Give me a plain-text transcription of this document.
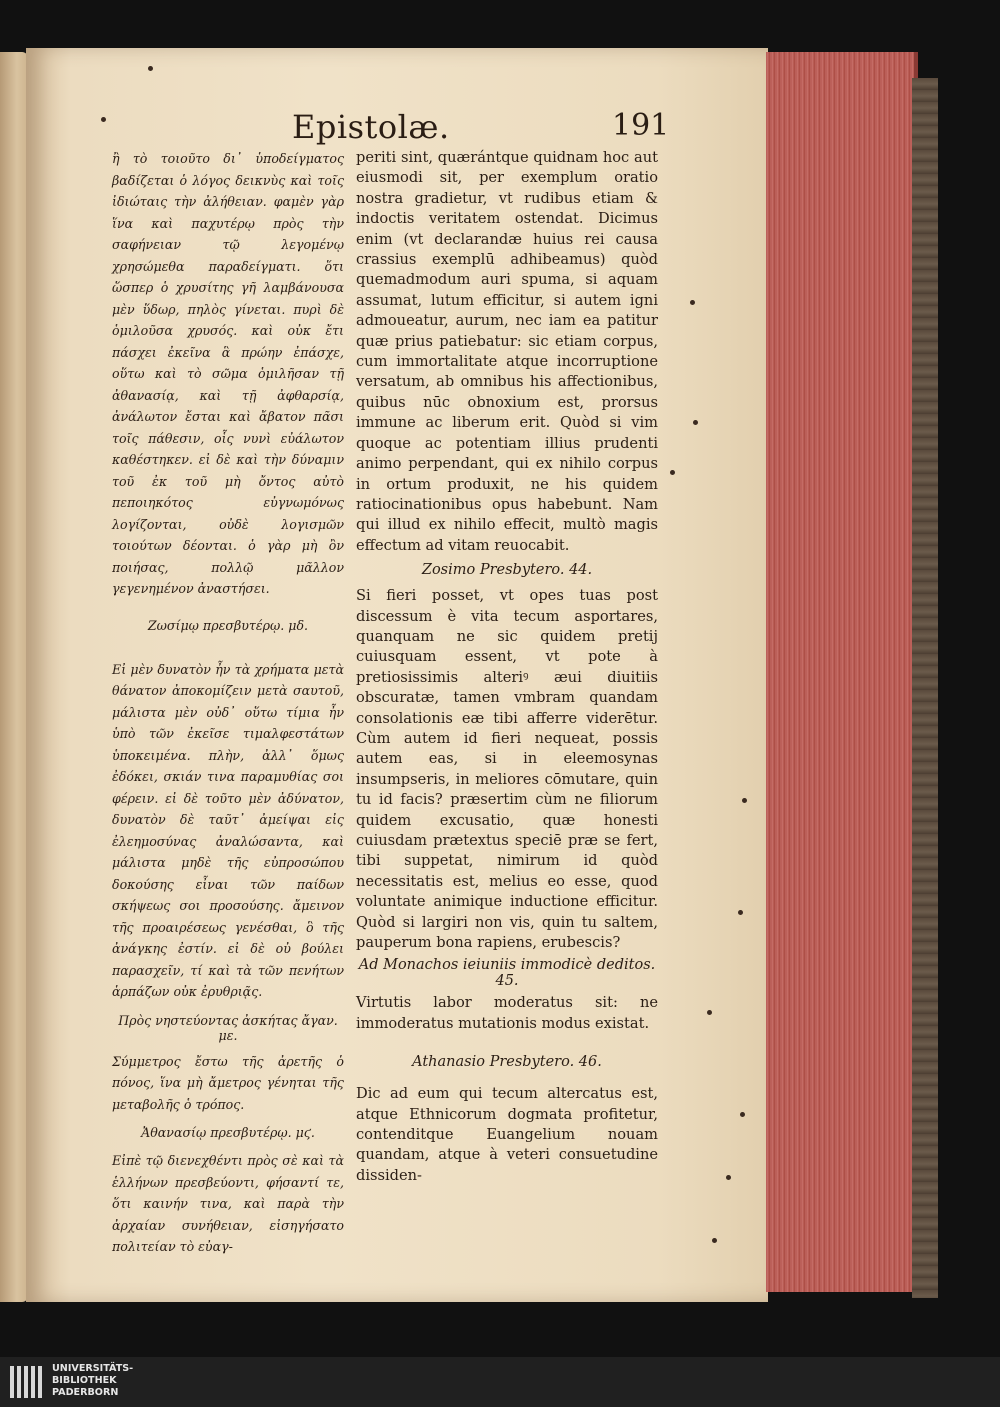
Epistolæ.	191

ἢ τὸ τοιοῦτο δι᾽ ὑποδείγματος βαδίζεται ὁ λόγος δεικνὺς καὶ τοῖς ἰδιώταις τὴν ἀλήθειαν. φαμὲν γὰρ ἵνα καὶ παχυτέρῳ πρὸς τὴν σαφήνειαν τῷ λεγομένῳ χρησώμεθα παραδείγματι. ὅτι ὥσπερ ὁ χρυσίτης γῆ λαμβάνουσα μὲν ὕδωρ, πηλὸς γίνεται. πυρὶ δὲ ὁμιλοῦσα χρυσός. καὶ οὐκ ἔτι πάσχει ἐκεῖνα ἃ πρώην ἐπάσχε, οὕτω καὶ τὸ σῶμα ὁμιλῆσαν τῇ ἀθανασίᾳ, καὶ τῇ ἀφθαρσίᾳ, ἀνάλωτον ἔσται καὶ ἄβατον πᾶσι τοῖς πάθεσιν, οἷς νυνὶ εὐάλωτον καθέστηκεν. εἰ δὲ καὶ τὴν δύναμιν τοῦ ἐκ τοῦ μὴ ὄντος αὐτὸ πεποιηκότος εὐγνωμόνως λογίζονται, οὐδὲ λογισμῶν τοιούτων δέονται. ὁ γὰρ μὴ ὂν ποιήσας, πολλῷ μᾶλλον γεγενημένον ἀναστήσει.

Ζωσίμῳ πρεσβυτέρῳ. μδ.

Εἰ μὲν δυνατὸν ἦν τὰ χρήματα μετὰ θάνατον ἀποκομίζειν μετὰ σαυτοῦ, μάλιστα μὲν οὐδ᾽ οὕτω τίμια ἦν ὑπὸ τῶν ἐκεῖσε τιμαλφεστάτων ὑποκειμένα. πλὴν, ἀλλ᾽ ὅμως ἐδόκει, σκιάν τινα παραμυθίας σοι φέρειν. εἰ δὲ τοῦτο μὲν ἀδύνατον, δυνατὸν δὲ ταῦτ᾽ ἀμείψαι εἰς ἐλεημοσύνας ἀναλώσαντα, καὶ μάλιστα μηδὲ τῆς εὐπροσώπου δοκούσης εἶναι τῶν παίδων σκήψεως σοι προσούσης. ἄμεινον τῆς προαιρέσεως γενέσθαι, ὃ τῆς ἀνάγκης ἐστίν. εἰ δὲ οὐ βούλει παρασχεῖν, τί καὶ τὰ τῶν πενήτων ἁρπάζων οὐκ ἐρυθριᾷς.

Πρὸς νηστεύοντας ἀσκήτας ἄγαν. με.

Σύμμετρος ἔστω τῆς ἀρετῆς ὁ πόνος, ἵνα μὴ ἄμετρος γένηται τῆς μεταβολῆς ὁ τρόπος.

Ἀθανασίῳ πρεσβυτέρῳ. μϛ.

Εἰπὲ τῷ διενεχθέντι πρὸς σὲ καὶ τὰ ἑλλήνων πρεσβεύοντι, φήσαντί τε, ὅτι καινήν τινα, καὶ παρὰ τὴν ἀρχαίαν συνήθειαν, εἰσηγήσατο πολιτείαν τὸ εὐαγ-

periti sint, quærántque quidnam hoc aut eiusmodi sit, per exemplum oratio nostra gradietur, vt rudibus etiam & indoctis veritatem ostendat. Dicimus enim (vt declarandæ huius rei causa crassius exemplū adhibeamus) quòd quemadmodum auri spuma, si aquam assumat, lutum efficitur, si autem igni admoueatur, aurum, nec iam ea patitur quæ prius patiebatur: sic etiam corpus, cum immortalitate atque incorruptione versatum, ab omnibus his affectionibus, quibus nūc obnoxium est, prorsus immune ac liberum erit. Quòd si vim quoque ac potentiam illius prudenti animo perpendant, qui ex nihilo corpus in ortum produxit, ne his quidem ratiocinationibus opus habebunt. Nam qui illud ex nihilo effecit, multò magis effectum ad vitam reuocabit.

Zosimo Presbytero. 44.

Si fieri posset, vt opes tuas post discessum è vita tecum asportares, quanquam ne sic quidem pretij cuiusquam essent, vt pote à pretiosissimis alteriꝰ æui diuitiis obscuratæ, tamen vmbram quandam consolationis eæ tibi afferre viderētur. Cùm autem id fieri nequeat, possis autem eas, si in eleemosynas insumpseris, in meliores cōmutare, quin tu id facis? præsertim cùm ne filiorum quidem excusatio, quæ honesti cuiusdam prætextus speciē præ se fert, tibi suppetat, nimirum id quòd necessitatis est, melius eo esse, quod voluntate animique inductione efficitur. Quòd si largiri non vis, quin tu saltem, pauperum bona rapiens, erubescis?

Ad Monachos ieiuniis immodicè deditos. 45.

Virtutis labor moderatus sit: ne immoderatus mutationis modus existat.

Athanasio Presbytero. 46.

Dic ad eum qui tecum altercatus est, atque Ethnicorum dogmata profitetur, contenditque Euangelium nouam quandam, atque à veteri consuetudine dissiden-

UNIVERSITÄTS-
BIBLIOTHEK
PADERBORN
